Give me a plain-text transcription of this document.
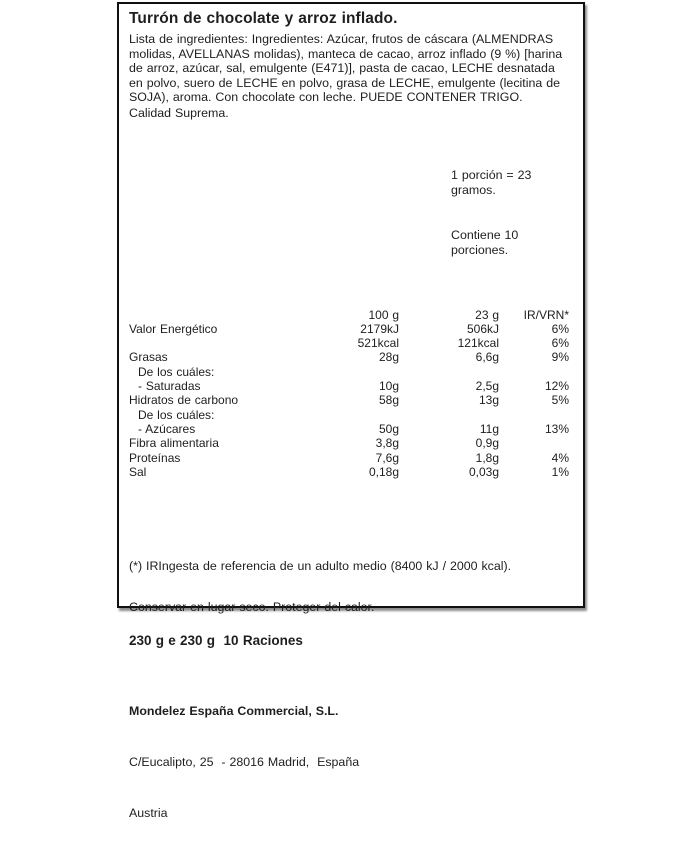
Turrón de chocolate y arroz inflado.

Lista de ingredientes: Ingredientes: Azúcar, frutos de cáscara (ALMENDRAS molidas, AVELLANAS molidas), manteca de cacao, arroz inflado (9 %) [harina de arroz, azúcar, sal, emulgente (E471)], pasta de cacao, LECHE desnatada en polvo, suero de LECHE en polvo, grasa de LECHE, emulgente (lecitina de SOJA), aroma. Con chocolate con leche. PUEDE CONTENER TRIGO.

Calidad Suprema.

1 porción = 23 gramos.

Contiene 10 porciones.

100 g	23 g	IR/VRN*
Valor Energético	2179kJ	506kJ	6%
521kcal	121kcal	6%
Grasas	28g	6,6g	9%
De los cuáles:
- Saturadas	10g	2,5g	12%
Hidratos de carbono	58g	13g	5%
De los cuáles:
- Azúcares	50g	11g	13%
Fibra alimentaria	3,8g	0,9g
Proteínas	7,6g	1,8g	4%
Sal	0,18g	0,03g	1%

(*) IRIngesta de referencia de un adulto medio (8400 kJ / 2000 kcal).

Conservar en lugar seco. Proteger del calor.

230 g e 230 g  10 Raciones

Mondelez España Commercial, S.L.

C/Eucalipto, 25  - 28016 Madrid,  España

Austria
